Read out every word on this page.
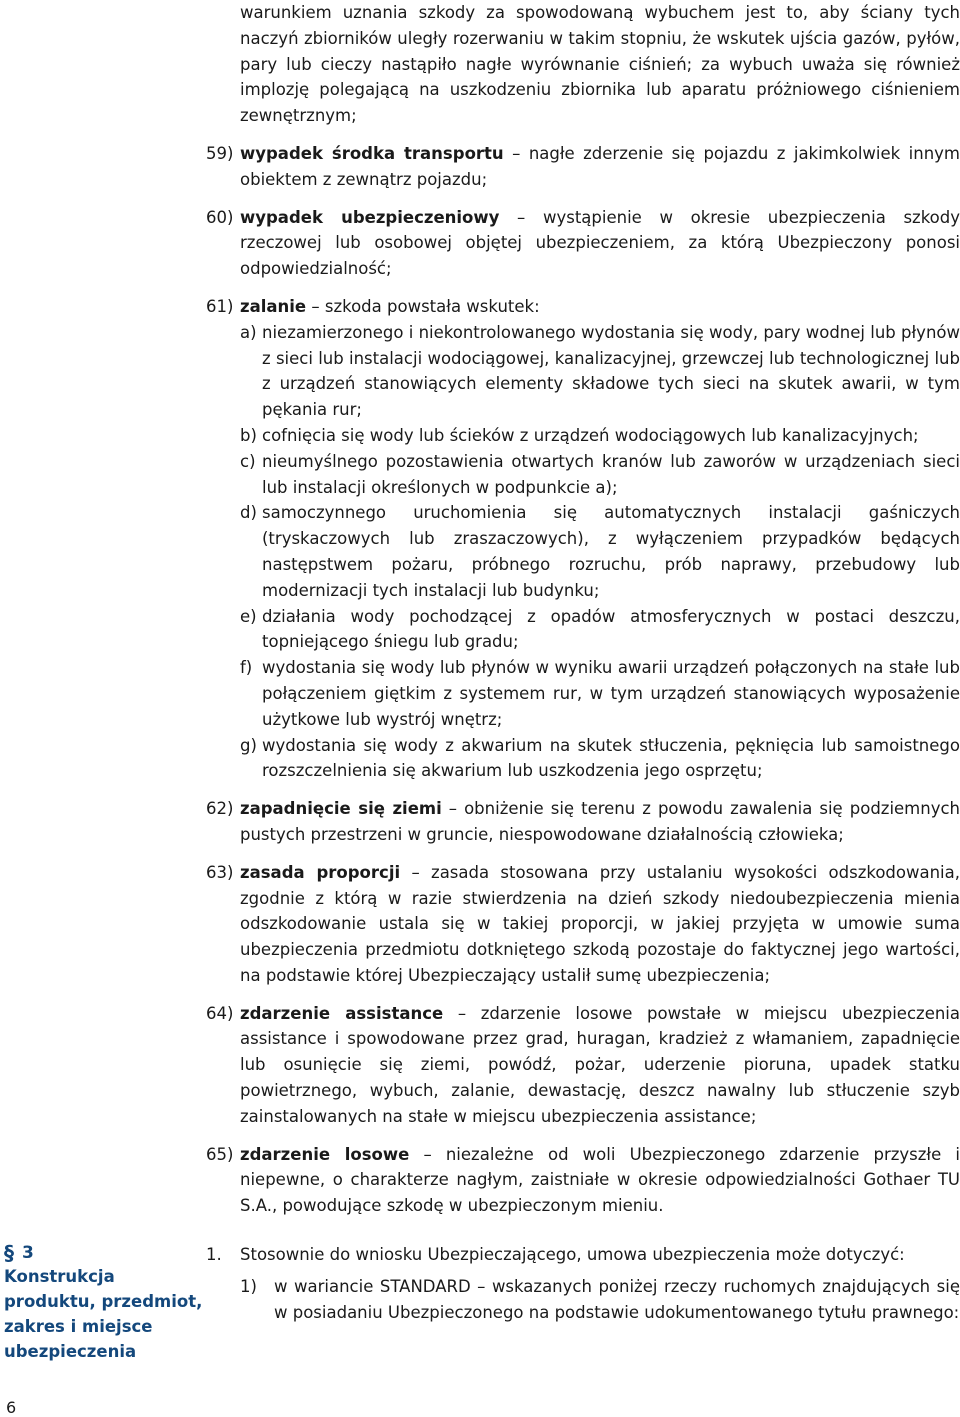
warunkiem uznania szkody za spowodowaną wybuchem jest to, aby ściany tych naczyń zbiorników uległy rozerwaniu w takim stopniu, że wskutek ujścia gazów, pyłów, pary lub cieczy nastąpiło nagłe wyrównanie ciśnień; za wybuch uważa się również implozję polegającą na uszkodzeniu zbiornika lub aparatu próżniowego ciśnieniem zewnętrznym;

59) wypadek środka transportu – nagłe zderzenie się pojazdu z jakimkolwiek innym obiektem z zewnątrz pojazdu;

60) wypadek ubezpieczeniowy – wystąpienie w okresie ubezpieczenia szkody rzeczowej lub osobowej objętej ubezpieczeniem, za którą Ubezpieczony ponosi odpowiedzialność;

61) zalanie – szkoda powstała wskutek:

a) niezamierzonego i niekontrolowanego wydostania się wody, pary wodnej lub płynów z sieci lub instalacji wodociągowej, kanalizacyjnej, grzewczej lub technologicznej lub z urządzeń stanowiących elementy składowe tych sieci na skutek awarii, w tym pękania rur;

b) cofnięcia się wody lub ścieków z urządzeń wodociągowych lub kanalizacyjnych;

c) nieumyślnego pozostawienia otwartych kranów lub zaworów w urządzeniach sieci lub instalacji określonych w podpunkcie a);

d) samoczynnego uruchomienia się automatycznych instalacji gaśniczych (tryskaczowych lub zraszaczowych), z wyłączeniem przypadków będących następstwem pożaru, próbnego rozruchu, prób naprawy, przebudowy lub modernizacji tych instalacji lub budynku;

e) działania wody pochodzącej z opadów atmosferycznych w postaci deszczu, topniejącego śniegu lub gradu;

f) wydostania się wody lub płynów w wyniku awarii urządzeń połączonych na stałe lub połączeniem giętkim z systemem rur, w tym urządzeń stanowiących wyposażenie użytkowe lub wystrój wnętrz;

g) wydostania się wody z akwarium na skutek stłuczenia, pęknięcia lub samoistnego rozszczelnienia się akwarium lub uszkodzenia jego osprzętu;

62) zapadnięcie się ziemi – obniżenie się terenu z powodu zawalenia się podziemnych pustych przestrzeni w gruncie, niespowodowane działalnością człowieka;

63) zasada proporcji – zasada stosowana przy ustalaniu wysokości odszkodowania, zgodnie z którą w razie stwierdzenia na dzień szkody niedoubezpieczenia mienia odszkodowanie ustala się w takiej proporcji, w jakiej przyjęta w umowie suma ubezpieczenia przedmiotu dotkniętego szkodą pozostaje do faktycznej jego wartości, na podstawie której Ubezpieczający ustalił sumę ubezpieczenia;

64) zdarzenie assistance – zdarzenie losowe powstałe w miejscu ubezpieczenia assistance i spowodowane przez grad, huragan, kradzież z włamaniem, zapadnięcie lub osunięcie się ziemi, powódź, pożar, uderzenie pioruna, upadek statku powietrznego, wybuch, zalanie, dewastację, deszcz nawalny lub stłuczenie szyb zainstalowanych na stałe w miejscu ubezpieczenia assistance;

65) zdarzenie losowe – niezależne od woli Ubezpieczonego zdarzenie przyszłe i niepewne, o charakterze nagłym, zaistniałe w okresie odpowiedzialności Gothaer TU S.A., powodujące szkodę w ubezpieczonym mieniu.

§ 3
Konstrukcja produktu, przedmiot, zakres i miejsce ubezpieczenia
1.	Stosownie do wniosku Ubezpieczającego, umowa ubezpieczenia może dotyczyć:

1)	w wariancie STANDARD – wskazanych poniżej rzeczy ruchomych znajdujących się w posiadaniu Ubezpieczonego na podstawie udokumentowanego tytułu prawnego:

6
